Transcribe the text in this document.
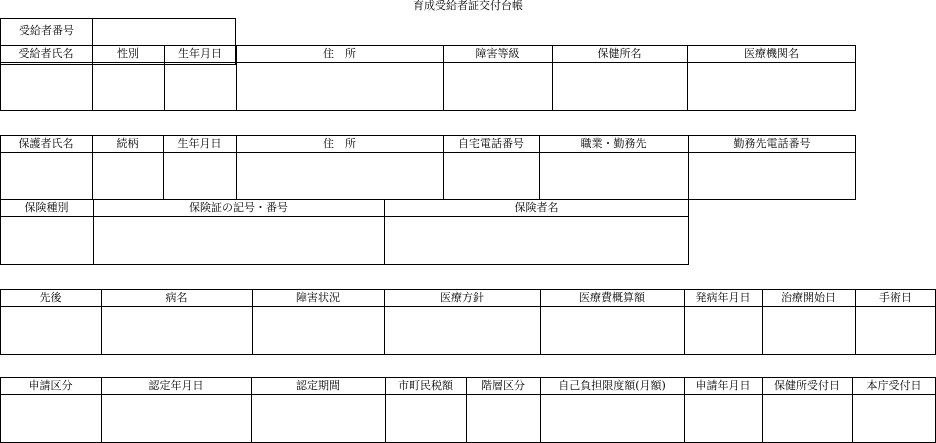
育成受給者証交付台帳
受給者番号
受給者氏名	性別	生年月日	住　所	障害等級	保健所名	医療機関名
保護者氏名	続柄	生年月日	住　所	自宅電話番号	職業・勤務先	勤務先電話番号
保険種別	保険証の記号・番号	保険者名
先後	病名	障害状況	医療方針	医療費概算額	発病年月日	治療開始日	手術日
申請区分	認定年月日	認定期間	市町民税額	階層区分	自己負担限度額(月額)	申請年月日	保健所受付日	本庁受付日
